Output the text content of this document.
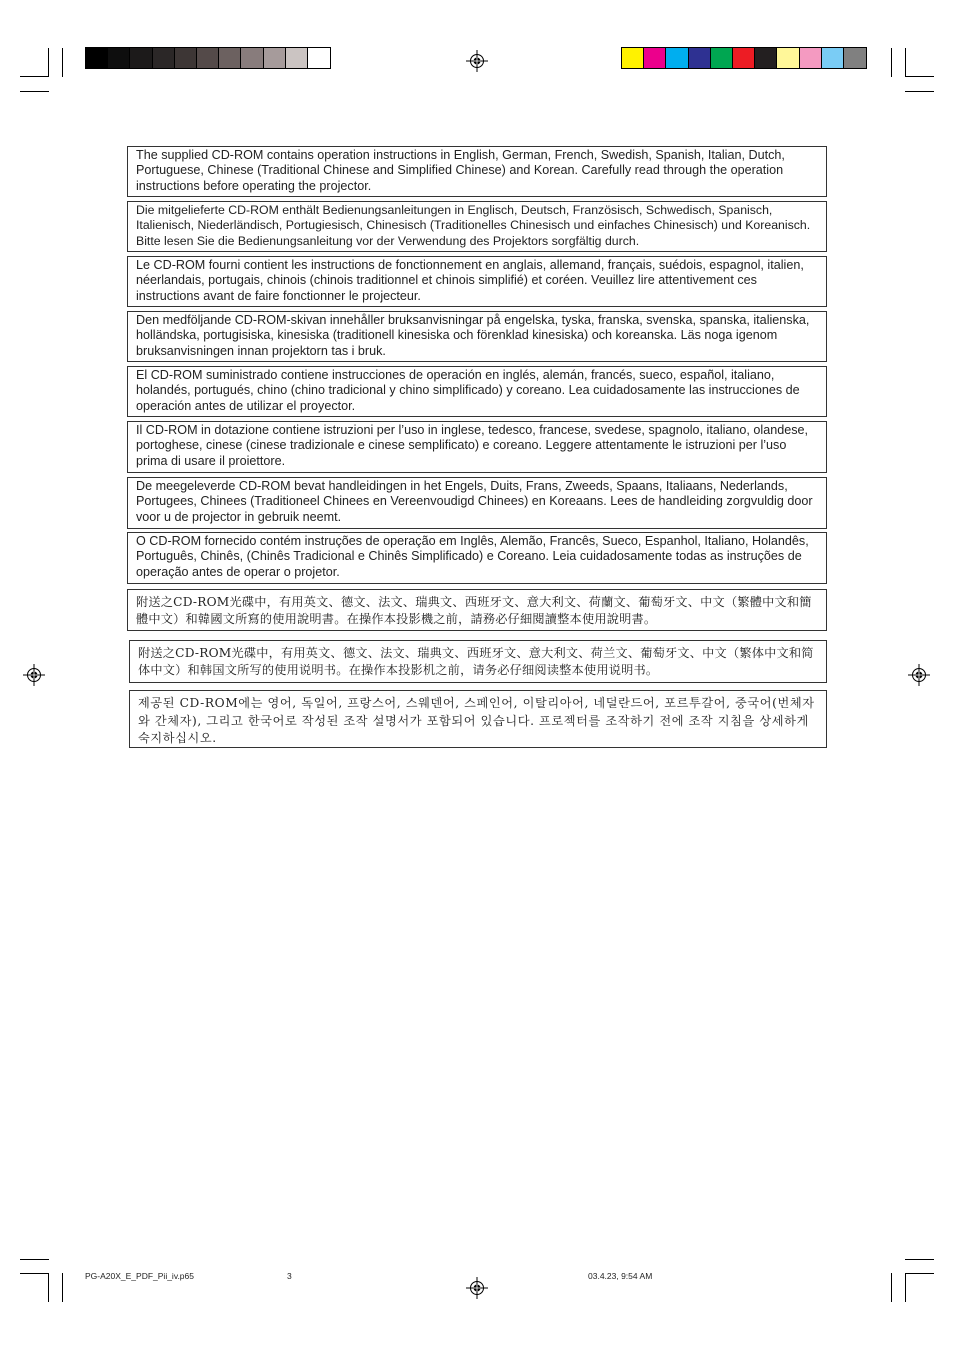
The supplied CD-ROM contains operation instructions in English, German, French, Swedish, Spanish, Italian, Dutch, Portuguese, Chinese (Traditional Chinese and Simplified Chinese) and Korean. Carefully read through the operation instructions before operating the projector.
Die mitgelieferte CD-ROM enthält Bedienungsanleitungen in Englisch, Deutsch, Französisch, Schwedisch, Spanisch, Italienisch, Niederländisch, Portugiesisch, Chinesisch (Traditionelles Chinesisch und einfaches Chinesisch) und Koreanisch. Bitte lesen Sie die Bedienungsanleitung vor der Verwendung des Projektors sorgfältig durch.
Le CD-ROM fourni contient les instructions de fonctionnement en anglais, allemand, français, suédois, espagnol, italien, néerlandais, portugais, chinois (chinois traditionnel et chinois simplifié) et coréen. Veuillez lire attentivement ces instructions avant de faire fonctionner le projecteur.
Den medföljande CD-ROM-skivan innehåller bruksanvisningar på engelska, tyska, franska, svenska, spanska, italienska, holländska, portugisiska, kinesiska (traditionell kinesiska och förenklad kinesiska) och koreanska. Läs noga igenom bruksanvisningen innan projektorn tas i bruk.
El CD-ROM suministrado contiene instrucciones de operación en inglés, alemán, francés, sueco, español, italiano, holandés, portugués, chino (chino tradicional y chino simplificado) y coreano. Lea cuidadosamente las instrucciones de operación antes de utilizar el proyector.
Il CD-ROM in dotazione contiene istruzioni per l’uso in inglese, tedesco, francese, svedese, spagnolo, italiano, olandese, portoghese, cinese (cinese tradizionale e cinese semplificato) e coreano. Leggere attentamente le istruzioni per l’uso prima di usare il proiettore.
De meegeleverde CD-ROM bevat handleidingen in het Engels, Duits, Frans, Zweeds, Spaans, Italiaans, Nederlands, Portugees, Chinees (Traditioneel Chinees en Vereenvoudigd Chinees) en Koreaans. Lees de handleiding zorgvuldig door voor u de projector in gebruik neemt.
O CD-ROM fornecido contém instruções de operação em Inglês, Alemão, Francês, Sueco, Espanhol, Italiano, Holandês, Português, Chinês, (Chinês Tradicional e Chinês Simplificado) e Coreano. Leia cuidadosamente todas as instruções de operação antes de operar o projetor.
附送之CD-ROM光碟中，有用英文、德文、法文、瑞典文、西班牙文、意大利文、荷蘭文、葡萄牙文、中文（繁體中文和簡體中文）和韓國文所寫的使用說明書。在操作本投影機之前，請務必仔細閱讀整本使用說明書。
附送之CD-ROM光碟中，有用英文、德文、法文、瑞典文、西班牙文、意大利文、荷兰文、葡萄牙文、中文（繁体中文和简体中文）和韩国文所写的使用说明书。在操作本投影机之前，请务必仔细阅读整本使用说明书。
제공된 CD-ROM에는 영어, 독일어, 프랑스어, 스웨덴어, 스페인어, 이탈리아어, 네덜란드어, 포르투갈어, 중국어(번체자와 간체자), 그리고 한국어로 작성된 조작 설명서가 포함되어 있습니다. 프로젝터를 조작하기 전에 조작 지침을 상세하게 숙지하십시오.
PG-A20X_E_PDF_Pii_iv.p65	3	03.4.23, 9:54 AM
